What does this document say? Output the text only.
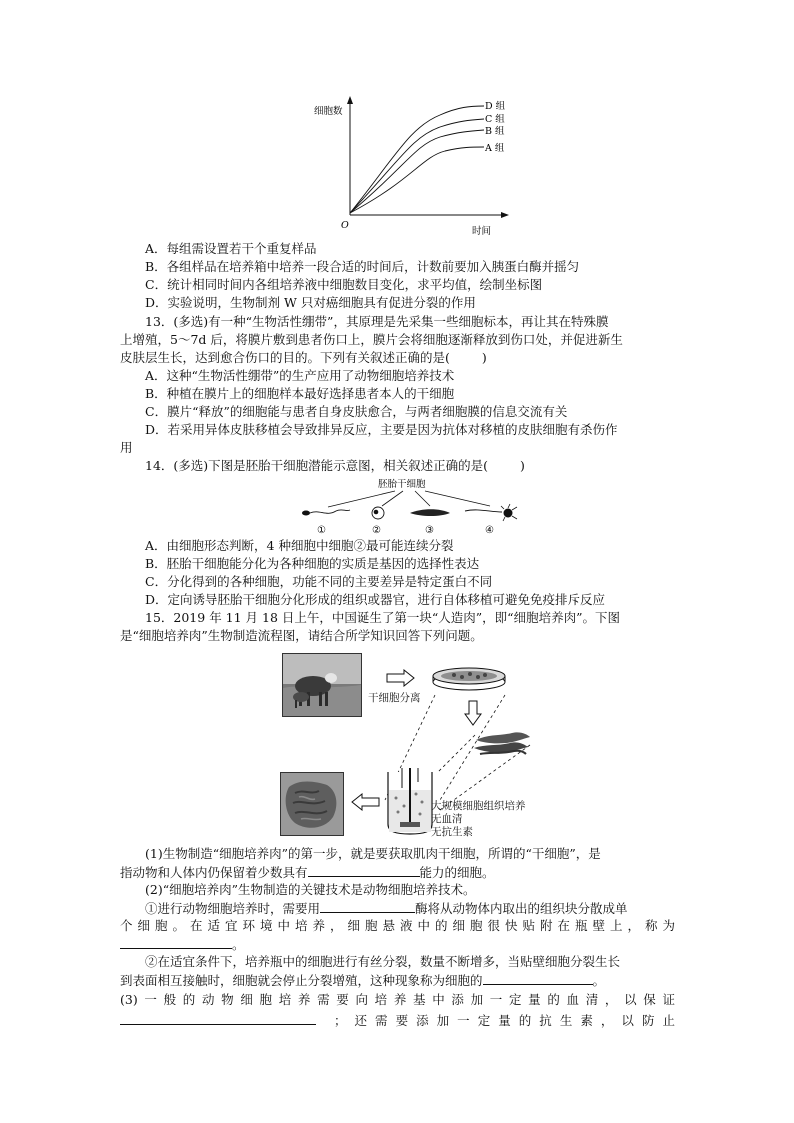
细胞数
时间
O
D 组
C 组
B 组
A 组
A．每组需设置若干个重复样品
B．各组样品在培养箱中培养一段合适的时间后，计数前要加入胰蛋白酶并摇匀
C．统计相同时间内各组培养液中细胞数目变化，求平均值，绘制坐标图
D．实验说明，生物制剂 W 只对癌细胞具有促进分裂的作用
13．(多选)有一种“生物活性绷带”，其原理是先采集一些细胞标本，再让其在特殊膜
上增殖，5～7d 后，将膜片敷到患者伤口上，膜片会将细胞逐渐释放到伤口处，并促进新生
皮肤层生长，达到愈合伤口的目的。下列有关叙述正确的是(	)
A．这种“生物活性绷带”的生产应用了动物细胞培养技术
B．种植在膜片上的细胞样本最好选择患者本人的干细胞
C．膜片“释放”的细胞能与患者自身皮肤愈合，与两者细胞膜的信息交流有关
D．若采用异体皮肤移植会导致排异反应，主要是因为抗体对移植的皮肤细胞有杀伤作
用
14．(多选)下图是胚胎干细胞潜能示意图，相关叙述正确的是(	)
胚胎干细胞
①	②	③	④
A．由细胞形态判断，4 种细胞中细胞②最可能连续分裂
B．胚胎干细胞能分化为各种细胞的实质是基因的选择性表达
C．分化得到的各种细胞，功能不同的主要差异是特定蛋白不同
D．定向诱导胚胎干细胞分化形成的组织或器官，进行自体移植可避免免疫排斥反应
15．2019 年 11 月 18 日上午，中国诞生了第一块“人造肉”，即“细胞培养肉”。下图
是“细胞培养肉”生物制造流程图，请结合所学知识回答下列问题。
干细胞分离
大规模细胞组织培养
无血清
无抗生素
(1)生物制造“细胞培养肉”的第一步，就是要获取肌肉干细胞，所谓的“干细胞”，是
指动物和人体内仍保留着少数具有	能力的细胞。
(2)“细胞培养肉”生物制造的关键技术是动物细胞培养技术。
①进行动物细胞培养时，需要用	酶将从动物体内取出的组织块分散成单
个细胞。在适宜环境中培养，细胞悬液中的细胞很快贴附在瓶壁上，称为
。
②在适宜条件下，培养瓶中的细胞进行有丝分裂，数量不断增多，当贴壁细胞分裂生长
到表面相互接触时，细胞就会停止分裂增殖，这种现象称为细胞的	。
(3)一般的动物细胞培养需要向培养基中添加一定量的血清，以保证
；还需要添加一定量的抗生素，以防止
